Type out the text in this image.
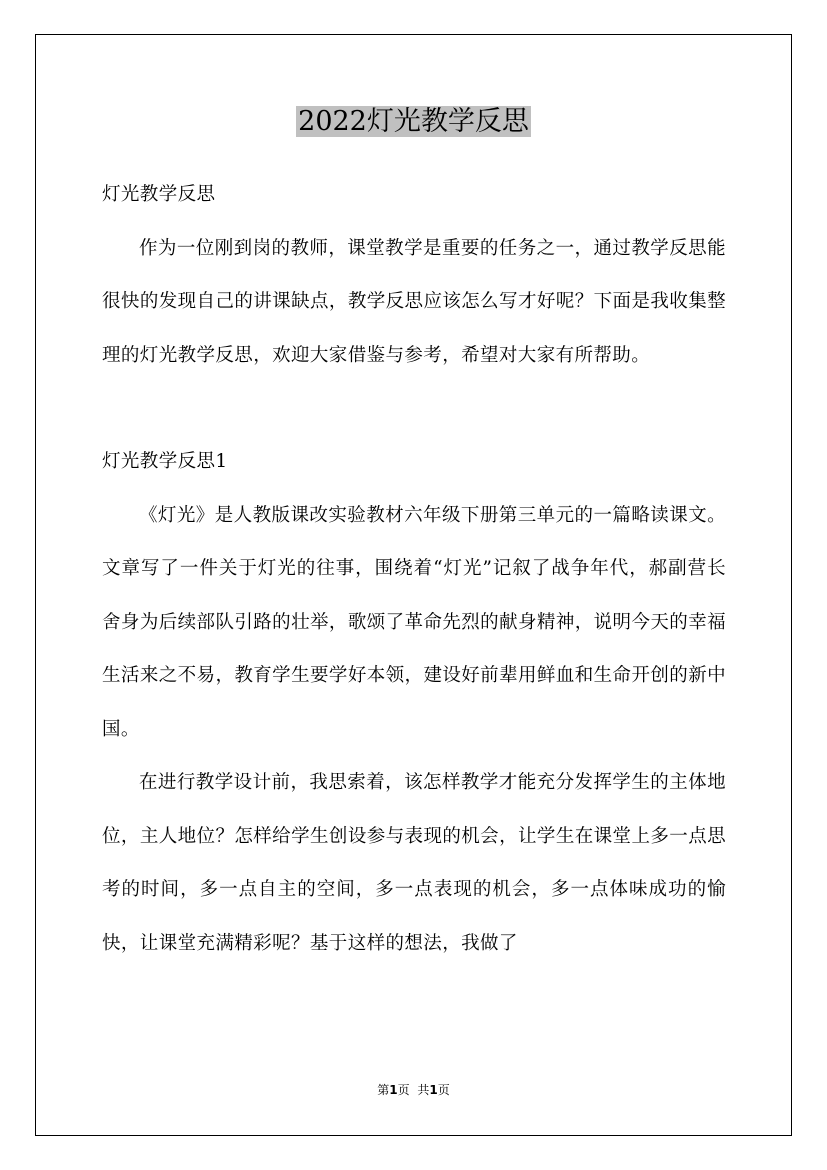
2022灯光教学反思

灯光教学反思

作为一位刚到岗的教师，课堂教学是重要的任务之一，通过教学反思能很快的发现自己的讲课缺点，教学反思应该怎么写才好呢？下面是我收集整理的灯光教学反思，欢迎大家借鉴与参考，希望对大家有所帮助。

灯光教学反思1

《灯光》是人教版课改实验教材六年级下册第三单元的一篇略读课文。文章写了一件关于灯光的往事，围绕着“灯光”记叙了战争年代，郝副营长舍身为后续部队引路的壮举，歌颂了革命先烈的献身精神，说明今天的幸福生活来之不易，教育学生要学好本领，建设好前辈用鲜血和生命开创的新中国。

在进行教学设计前，我思索着，该怎样教学才能充分发挥学生的主体地位，主人地位？怎样给学生创设参与表现的机会，让学生在课堂上多一点思考的时间，多一点自主的空间，多一点表现的机会，多一点体味成功的愉快，让课堂充满精彩呢？基于这样的想法，我做了

第1页 共1页
